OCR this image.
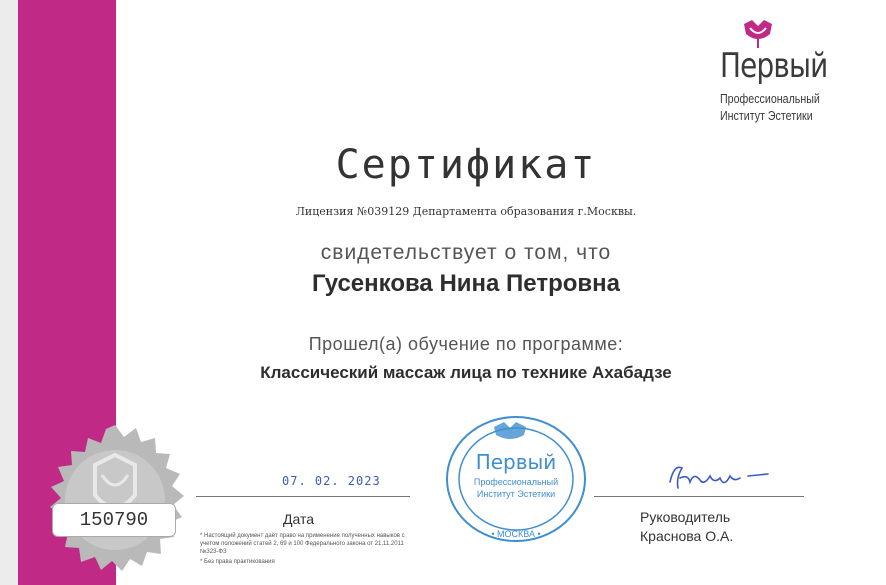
Первый
Профессиональный
Институт Эстетики
Сертификат
Лицензия №039129 Департамента образования г.Москвы.
свидетельствует о том, что
Гусенкова Нина Петровна
Прошел(а) обучение по программе:
Классический массаж лица по технике Ахабадзе
150790
07. 02. 2023
Дата

* Настоящий документ даёт право на применение полученных навыков с учетом положений статей 2, 69 и 100 Федерального закона от 21.11.2011 №323-ФЗ

* Без права практикования

Первый
Профессиональный
Институт Эстетики
• МОСКВА •
Руководитель
Краснова О.А.
